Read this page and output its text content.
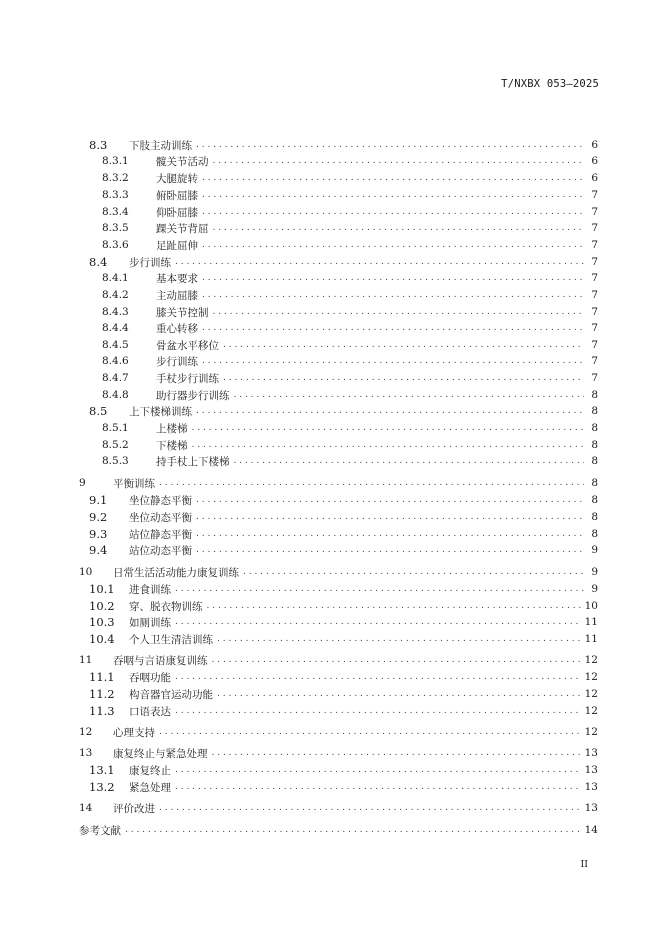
T/NXBX 053—2025
8.3	下肢主动训练 . . .	6
8.3.1	髋关节活动 . . .	6
8.3.2	大腿旋转 . . .	6
8.3.3	俯卧屈膝 . . .	7
8.3.4	仰卧屈膝 . . .	7
8.3.5	踝关节背屈 . . .	7
8.3.6	足趾屈伸 . . .	7
8.4	步行训练 . . .	7
8.4.1	基本要求 . . .	7
8.4.2	主动屈膝 . . .	7
8.4.3	膝关节控制 . . .	7
8.4.4	重心转移 . . .	7
8.4.5	骨盆水平移位 . . .	7
8.4.6	步行训练 . . .	7
8.4.7	手杖步行训练 . . .	7
8.4.8	助行器步行训练 . . .	8
8.5	上下楼梯训练 . . .	8
8.5.1	上楼梯 . . .	8
8.5.2	下楼梯 . . .	8
8.5.3	持手杖上下楼梯 . . .	8
9	平衡训练 . . .	8
9.1	坐位静态平衡 . . .	8
9.2	坐位动态平衡 . . .	8
9.3	站位静态平衡 . . .	8
9.4	站位动态平衡 . . .	9
10	日常生活活动能力康复训练 . . .	9
10.1	进食训练 . . .	9
10.2	穿、脱衣物训练 . . .	10
10.3	如厕训练 . . .	11
10.4	个人卫生清洁训练 . . .	11
11	吞咽与言语康复训练 . . .	12
11.1	吞咽功能 . . .	12
11.2	构音器官运动功能 . . .	12
11.3	口语表达 . . .	12
12	心理支持 . . .	12
13	康复终止与紧急处理 . . .	13
13.1	康复终止 . . .	13
13.2	紧急处理 . . .	13
14	评价改进 . . .	13
参考文献 . . .	14
II
